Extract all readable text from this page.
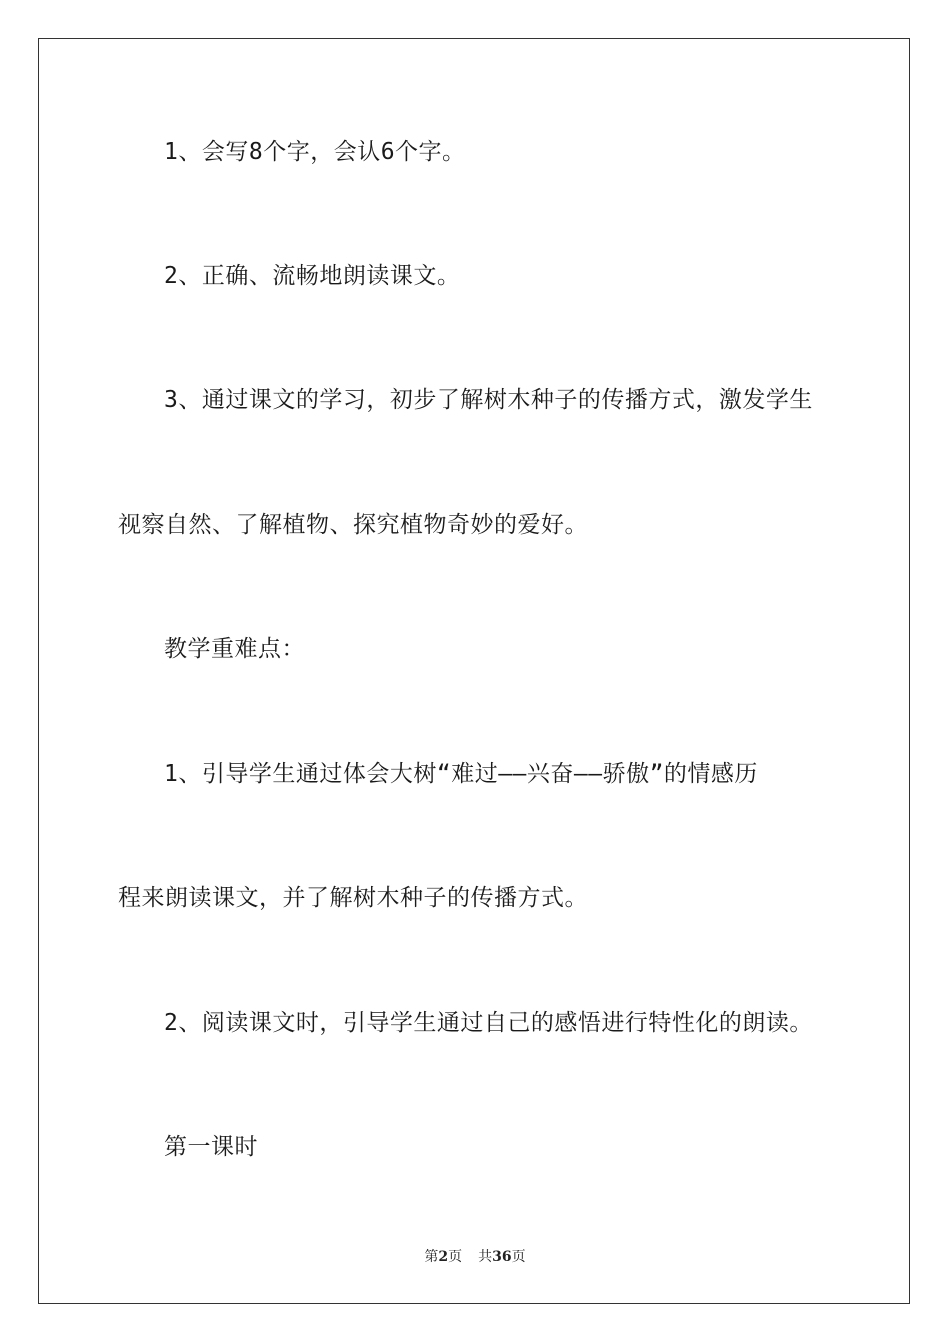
1、会写8个字，会认6个字。
2、正确、流畅地朗读课文。
3、通过课文的学习，初步了解树木种子的传播方式，激发学生
视察自然、了解植物、探究植物奇妙的爱好。
教学重难点：
1、引导学生通过体会大树“难过——兴奋——骄傲”的情感历
程来朗读课文，并了解树木种子的传播方式。
2、阅读课文时，引导学生通过自己的感悟进行特性化的朗读。
第一课时
第2页 共36页
